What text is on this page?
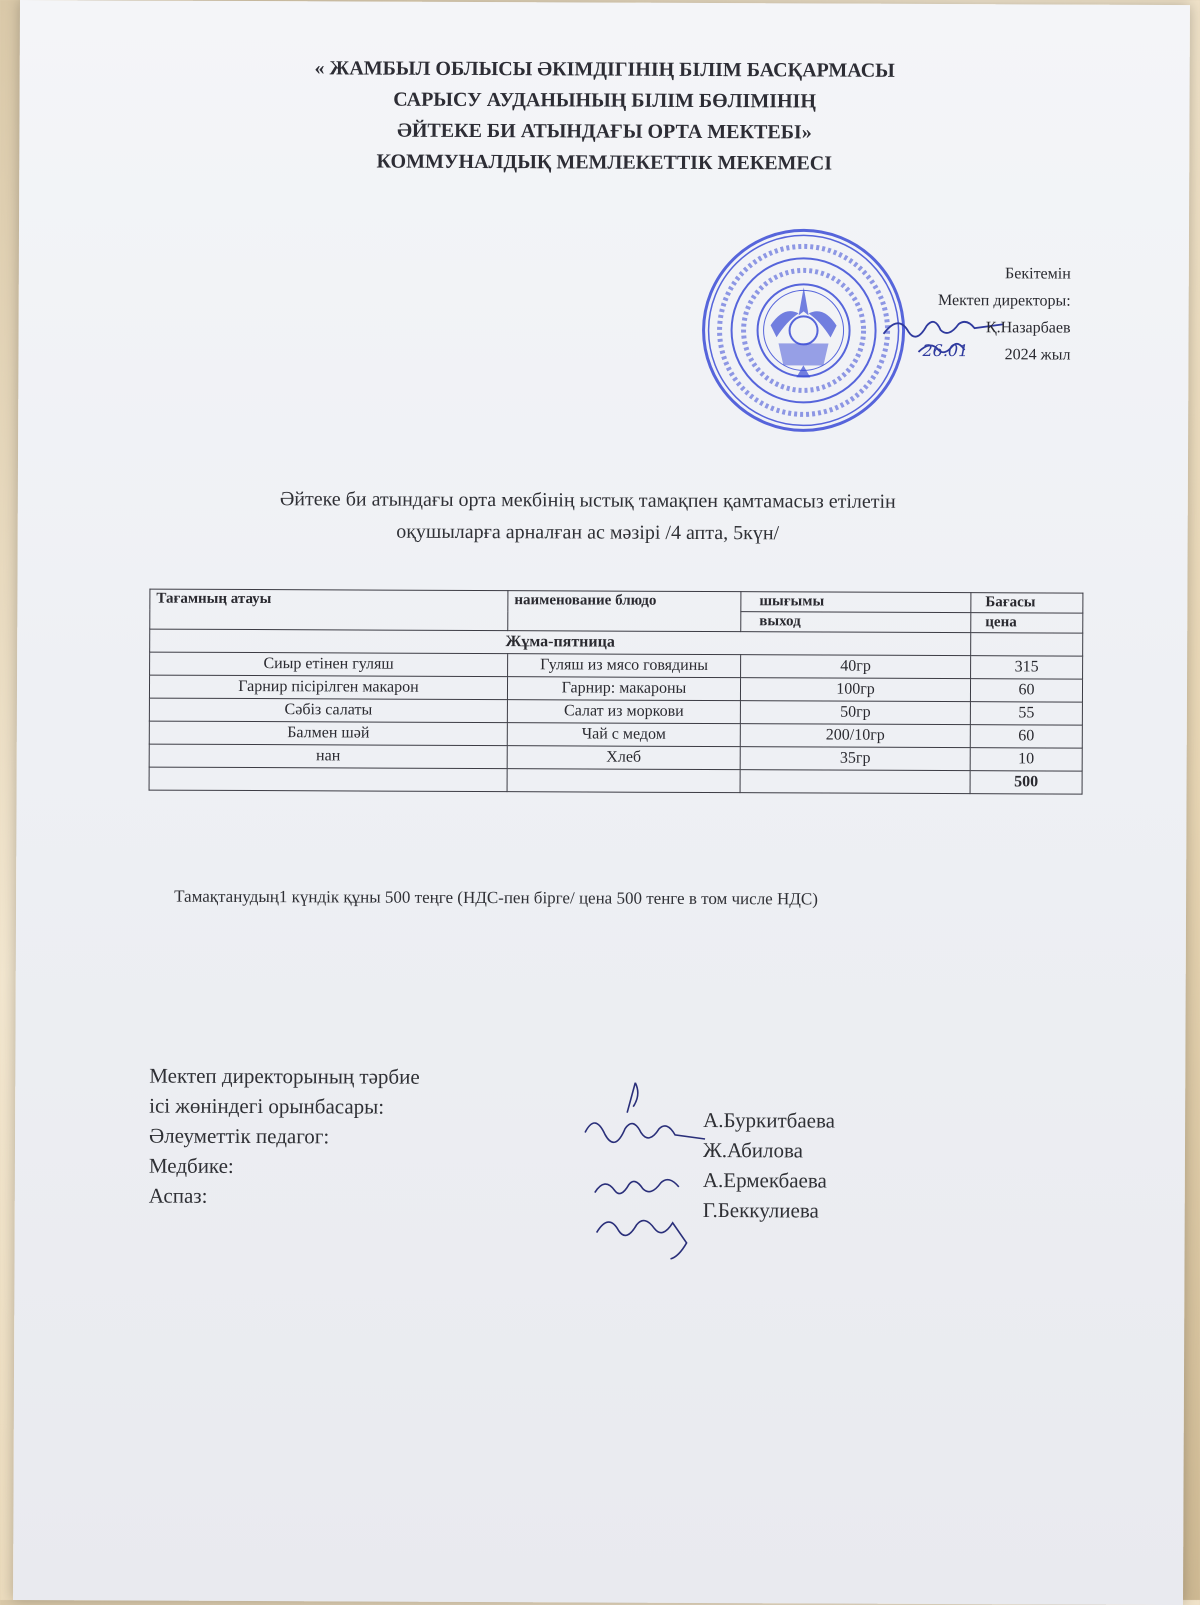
« ЖАМБЫЛ ОБЛЫСЫ ӘКІМДІГІНІҢ БІЛІМ БАСҚАРМАСЫ
САРЫСУ АУДАНЫНЫҢ БІЛІМ БӨЛІМІНІҢ
ӘЙТЕКЕ БИ АТЫНДАҒЫ ОРТА МЕКТЕБІ»
КОММУНАЛДЫҚ МЕМЛЕКЕТТІК МЕКЕМЕСІ
26.01
Бекітемін
Мектеп директоры:
Қ.Назарбаев
2024 жыл
Әйтеке би атындағы орта мекбінің ыстық тамақпен қамтамасыз етілетін
оқушыларға арналған ас мәзірі /4 апта, 5күн/
Тағамның атауы	наименование блюдо	шығымы	Бағасы
		выход	цена
Жұма-пятница			
Сиыр етінен гуляш	Гуляш из мясо говядины	40гр	315
Гарнир пісірілген макарон	Гарнир: макароны	100гр	60
Сәбіз салаты	Салат из моркови	50гр	55
Балмен шәй	Чай с медом	200/10гр	60
нан	Хлеб	35гр	10
			500
Тамақтанудың1 күндік құны 500 теңге (НДС-пен бірге/ цена 500 тенге в том числе НДС)
Мектеп директорының тәрбие
ісі жөніндегі орынбасары:
Әлеуметтік педагог:
Медбике:
Аспаз:
А.Буркитбаева
Ж.Абилова
А.Ермекбаева
Г.Беккулиева
